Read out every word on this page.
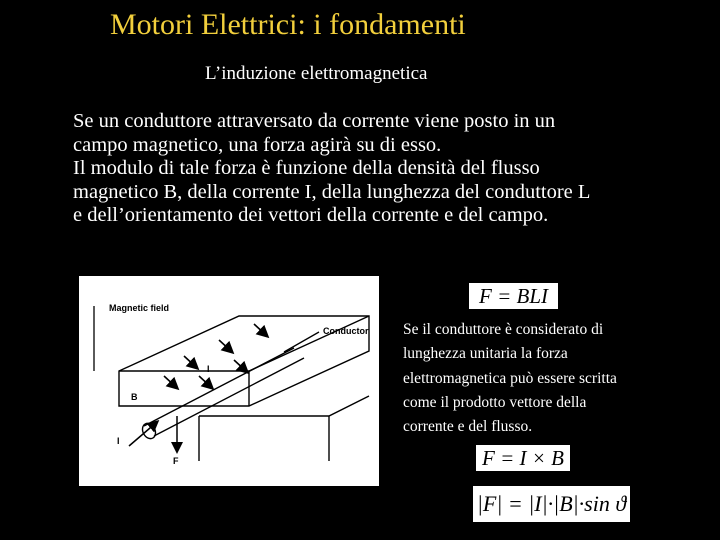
Motori Elettrici: i fondamenti
L’induzione elettromagnetica
Se un conduttore attraversato da corrente viene posto in un
campo magnetico, una forza agirà su di esso.
Il modulo di tale forza è funzione della densità del flusso
magnetico B, della corrente I, della lunghezza del conduttore L
e dell’orientamento dei vettori della corrente e del campo.
Magnetic field
Conductor
I
B
I
F
F = BLI
Se il conduttore è considerato di
lunghezza unitaria la forza
elettromagnetica può essere scritta
come il prodotto vettore della
corrente e del flusso.
F = I × B
|F| = |I|·|B|·sin ϑ
